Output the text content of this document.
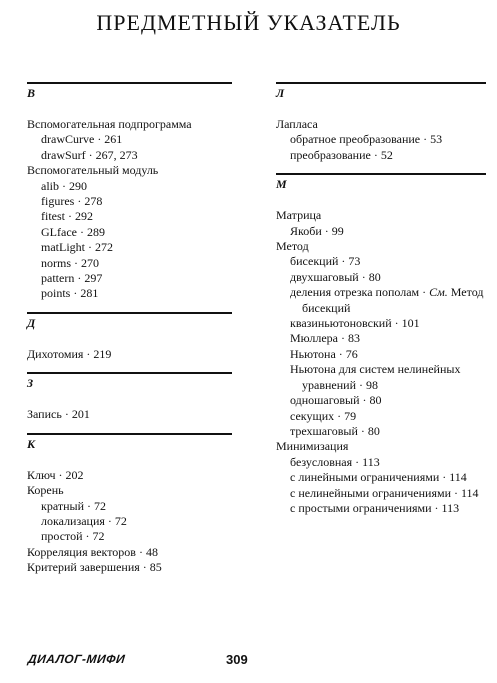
ПРЕДМЕТНЫЙ УКАЗАТЕЛЬ
В
Вспомогательная подпрограмма
drawCurve · 261
drawSurf · 267, 273
Вспомогательный модуль
alib · 290
figures · 278
fitest · 292
GLface · 289
matLight · 272
norms · 270
pattern · 297
points · 281
Д
Дихотомия · 219
З
Запись · 201
К
Ключ · 202
Корень
кратный · 72
локализация · 72
простой · 72
Корреляция векторов · 48
Критерий завершения · 85
Л
Лапласа
обратное преобразование · 53
преобразование · 52
М
Матрица
Якоби · 99
Метод
бисекций · 73
двухшаговый · 80
деления отрезка пополам · См. Метод бисекций
квазиньютоновский · 101
Мюллера · 83
Ньютона · 76
Ньютона для систем нелинейных уравнений · 98
одношаговый · 80
секущих · 79
трехшаговый · 80
Минимизация
безусловная · 113
с линейными ограничениями · 114
с нелинейными ограничениями · 114
с простыми ограничениями · 113
ДИАЛОГ-МИФИ	309
